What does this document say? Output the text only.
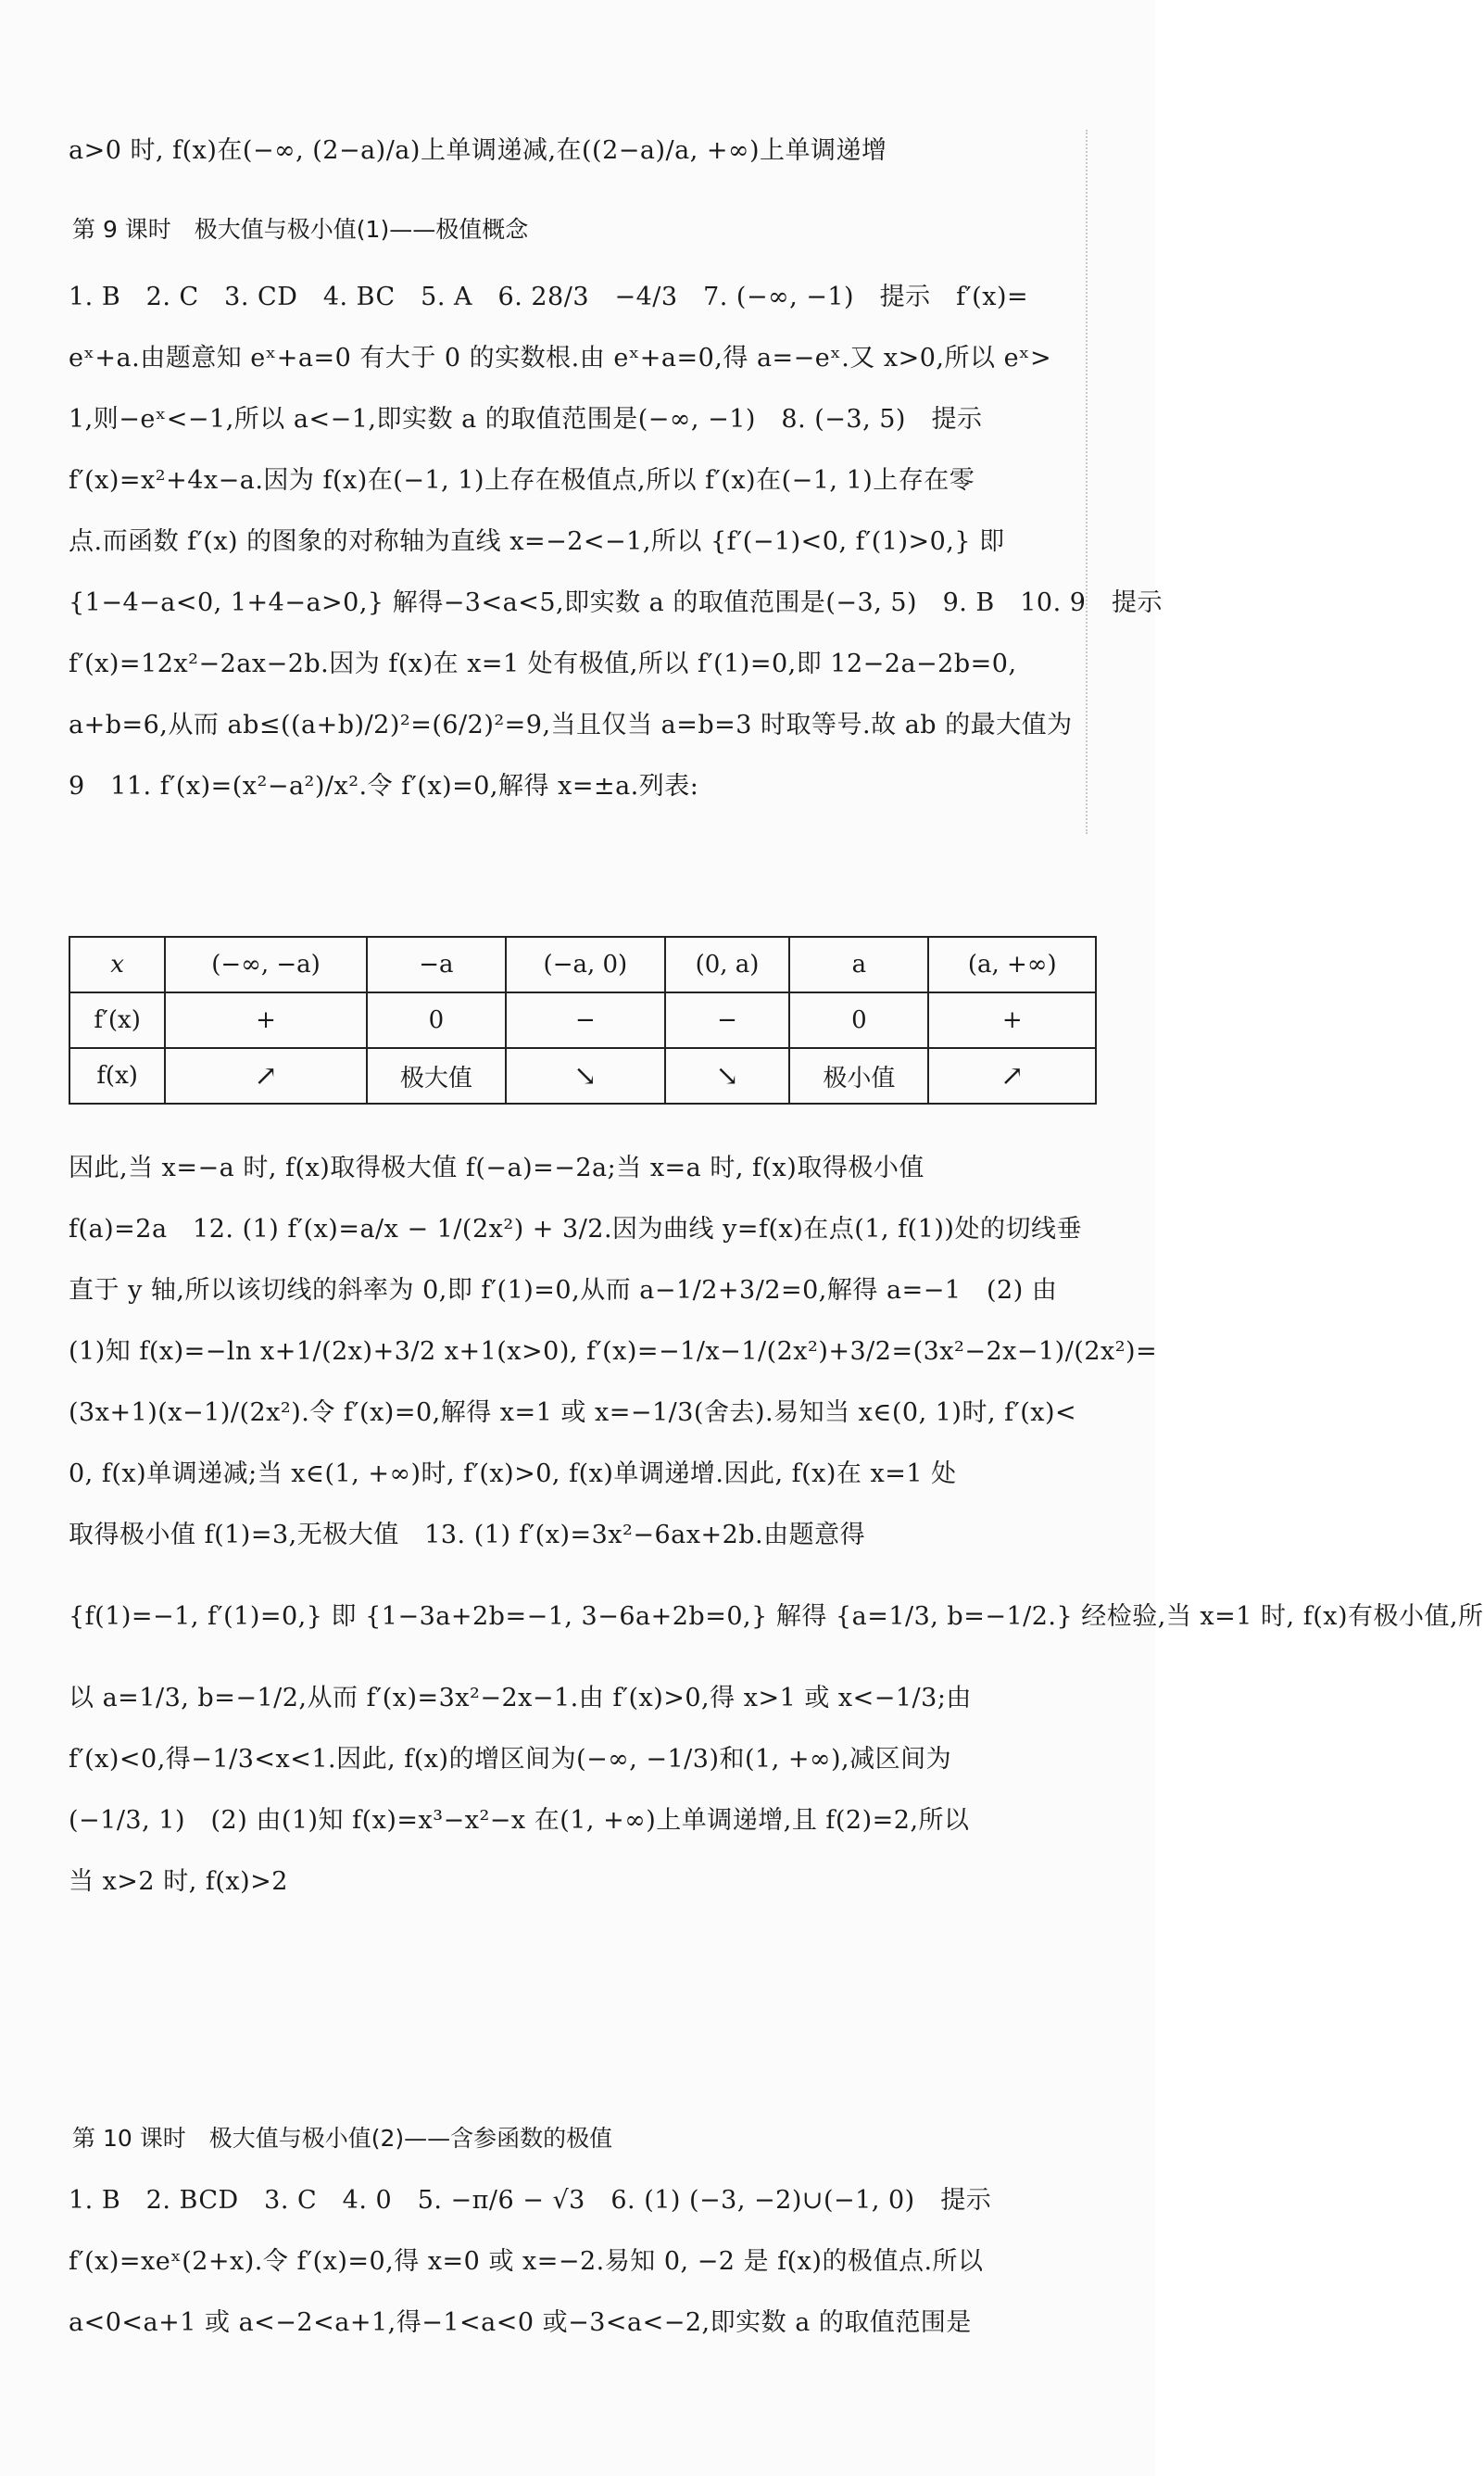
a>0 时, f(x)在(−∞, (2−a)/a)上单调递减,在((2−a)/a, +∞)上单调递增
第 9 课时　极大值与极小值(1)——极值概念
1. B　2. C　3. CD　4. BC　5. A　6. 28/3　−4/3　7. (−∞, −1)　提示　f′(x)=
eˣ+a.由题意知 eˣ+a=0 有大于 0 的实数根.由 eˣ+a=0,得 a=−eˣ.又 x>0,所以 eˣ>
1,则−eˣ<−1,所以 a<−1,即实数 a 的取值范围是(−∞, −1)　8. (−3, 5)　提示
f′(x)=x²+4x−a.因为 f(x)在(−1, 1)上存在极值点,所以 f′(x)在(−1, 1)上存在零
点.而函数 f′(x) 的图象的对称轴为直线 x=−2<−1,所以 {f′(−1)<0, f′(1)>0,} 即
{1−4−a<0, 1+4−a>0,} 解得−3<a<5,即实数 a 的取值范围是(−3, 5)　9. B　10. 9　提示
f′(x)=12x²−2ax−2b.因为 f(x)在 x=1 处有极值,所以 f′(1)=0,即 12−2a−2b=0,
a+b=6,从而 ab≤((a+b)/2)²=(6/2)²=9,当且仅当 a=b=3 时取等号.故 ab 的最大值为
9　11. f′(x)=(x²−a²)/x².令 f′(x)=0,解得 x=±a.列表:
x	(−∞, −a)	−a	(−a, 0)	(0, a)	a	(a, +∞)
f′(x)	+	0	−	−	0	+
f(x)	↗	极大值	↘	↘	极小值	↗
因此,当 x=−a 时, f(x)取得极大值 f(−a)=−2a;当 x=a 时, f(x)取得极小值
f(a)=2a　12. (1) f′(x)=a/x − 1/(2x²) + 3/2.因为曲线 y=f(x)在点(1, f(1))处的切线垂
直于 y 轴,所以该切线的斜率为 0,即 f′(1)=0,从而 a−1/2+3/2=0,解得 a=−1　(2) 由
(1)知 f(x)=−ln x+1/(2x)+3/2 x+1(x>0), f′(x)=−1/x−1/(2x²)+3/2=(3x²−2x−1)/(2x²)=
(3x+1)(x−1)/(2x²).令 f′(x)=0,解得 x=1 或 x=−1/3(舍去).易知当 x∈(0, 1)时, f′(x)<
0, f(x)单调递减;当 x∈(1, +∞)时, f′(x)>0, f(x)单调递增.因此, f(x)在 x=1 处
取得极小值 f(1)=3,无极大值　13. (1) f′(x)=3x²−6ax+2b.由题意得
{f(1)=−1, f′(1)=0,} 即 {1−3a+2b=−1, 3−6a+2b=0,} 解得 {a=1/3, b=−1/2.} 经检验,当 x=1 时, f(x)有极小值,所
以 a=1/3, b=−1/2,从而 f′(x)=3x²−2x−1.由 f′(x)>0,得 x>1 或 x<−1/3;由
f′(x)<0,得−1/3<x<1.因此, f(x)的增区间为(−∞, −1/3)和(1, +∞),减区间为
(−1/3, 1)　(2) 由(1)知 f(x)=x³−x²−x 在(1, +∞)上单调递增,且 f(2)=2,所以
当 x>2 时, f(x)>2
第 10 课时　极大值与极小值(2)——含参函数的极值
1. B　2. BCD　3. C　4. 0　5. −π/6 − √3　6. (1) (−3, −2)∪(−1, 0)　提示
f′(x)=xeˣ(2+x).令 f′(x)=0,得 x=0 或 x=−2.易知 0, −2 是 f(x)的极值点.所以
a<0<a+1 或 a<−2<a+1,得−1<a<0 或−3<a<−2,即实数 a 的取值范围是
